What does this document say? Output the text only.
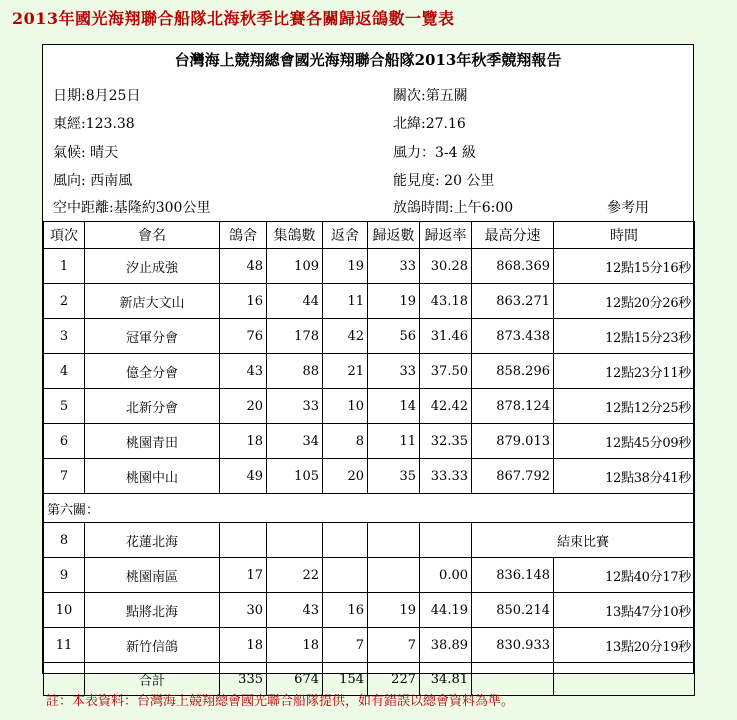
2013年國光海翔聯合船隊北海秋季比賽各關歸返鴿數一覽表
台灣海上競翔總會國光海翔聯合船隊2013年秋季競翔報告
日期:8月25日	關次:第五關
東經:123.38	北緯:27.16
氣候: 晴天	風力：3-4 級
風向: 西南風	能見度: 20 公里
空中距離:基隆約300公里	放鴿時間:上午6:00	參考用
項次	會名	鴿舍	集鴿數	返舍	歸返數	歸返率	最高分速	時間
1	汐止成強	48	109	19	33	30.28	868.369	12點15分16秒
2	新店大文山	16	44	11	19	43.18	863.271	12點20分26秒
3	冠軍分會	76	178	42	56	31.46	873.438	12點15分23秒
4	億全分會	43	88	21	33	37.50	858.296	12點23分11秒
5	北新分會	20	33	10	14	42.42	878.124	12點12分25秒
6	桃園青田	18	34	8	11	32.35	879.013	12點45分09秒
7	桃園中山	49	105	20	35	33.33	867.792	12點38分41秒
第六關：								
8	花蓮北海						結束比賽	
9	桃園南區	17	22			0.00	836.148	12點40分17秒
10	點將北海	30	43	16	19	44.19	850.214	13點47分10秒
11	新竹信鴿	18	18	7	7	38.89	830.933	13點20分19秒
	合計	335	674	154	227	34.81		
註：本表資料：台灣海上競翔總會國光聯合船隊提供，如有錯誤以總會資料為準。
